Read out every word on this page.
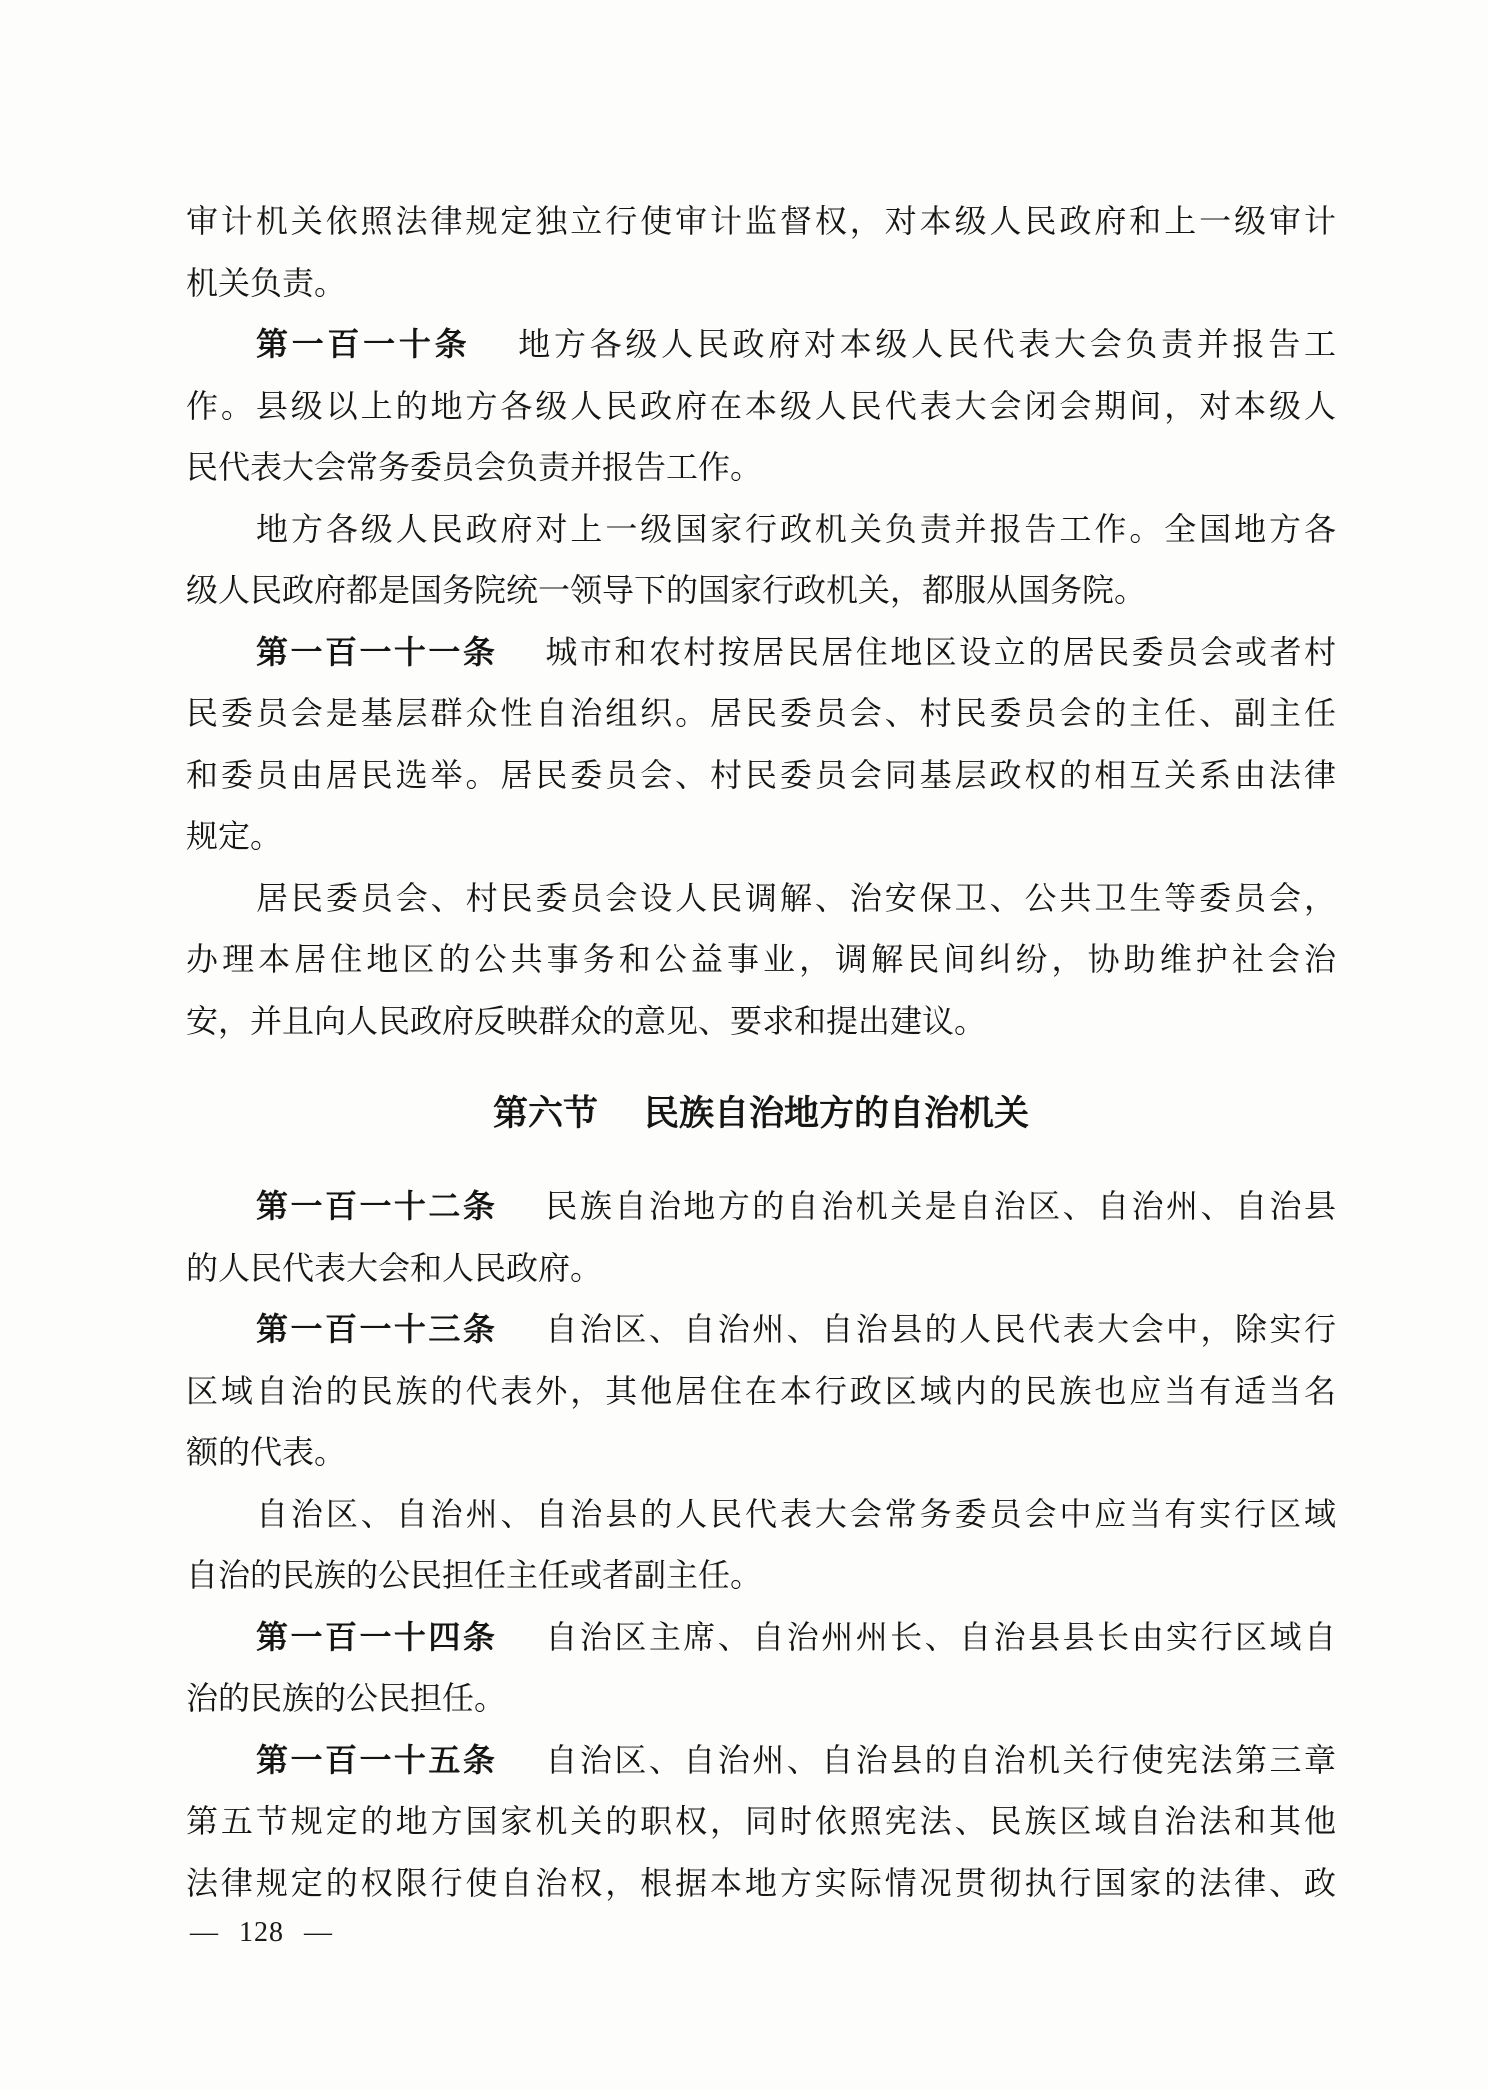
审计机关依照法律规定独立行使审计监督权，对本级人民政府和上一级审计
机关负责。
第一百一十条 地方各级人民政府对本级人民代表大会负责并报告工
作。县级以上的地方各级人民政府在本级人民代表大会闭会期间，对本级人
民代表大会常务委员会负责并报告工作。
地方各级人民政府对上一级国家行政机关负责并报告工作。全国地方各
级人民政府都是国务院统一领导下的国家行政机关，都服从国务院。
第一百一十一条 城市和农村按居民居住地区设立的居民委员会或者村
民委员会是基层群众性自治组织。居民委员会、村民委员会的主任、副主任
和委员由居民选举。居民委员会、村民委员会同基层政权的相互关系由法律
规定。
居民委员会、村民委员会设人民调解、治安保卫、公共卫生等委员会，
办理本居住地区的公共事务和公益事业，调解民间纠纷，协助维护社会治
安，并且向人民政府反映群众的意见、要求和提出建议。
第六节 民族自治地方的自治机关
第一百一十二条 民族自治地方的自治机关是自治区、自治州、自治县
的人民代表大会和人民政府。
第一百一十三条 自治区、自治州、自治县的人民代表大会中，除实行
区域自治的民族的代表外，其他居住在本行政区域内的民族也应当有适当名
额的代表。
自治区、自治州、自治县的人民代表大会常务委员会中应当有实行区域
自治的民族的公民担任主任或者副主任。
第一百一十四条 自治区主席、自治州州长、自治县县长由实行区域自
治的民族的公民担任。
第一百一十五条 自治区、自治州、自治县的自治机关行使宪法第三章
第五节规定的地方国家机关的职权，同时依照宪法、民族区域自治法和其他
法律规定的权限行使自治权，根据本地方实际情况贯彻执行国家的法律、政
— 128 —
